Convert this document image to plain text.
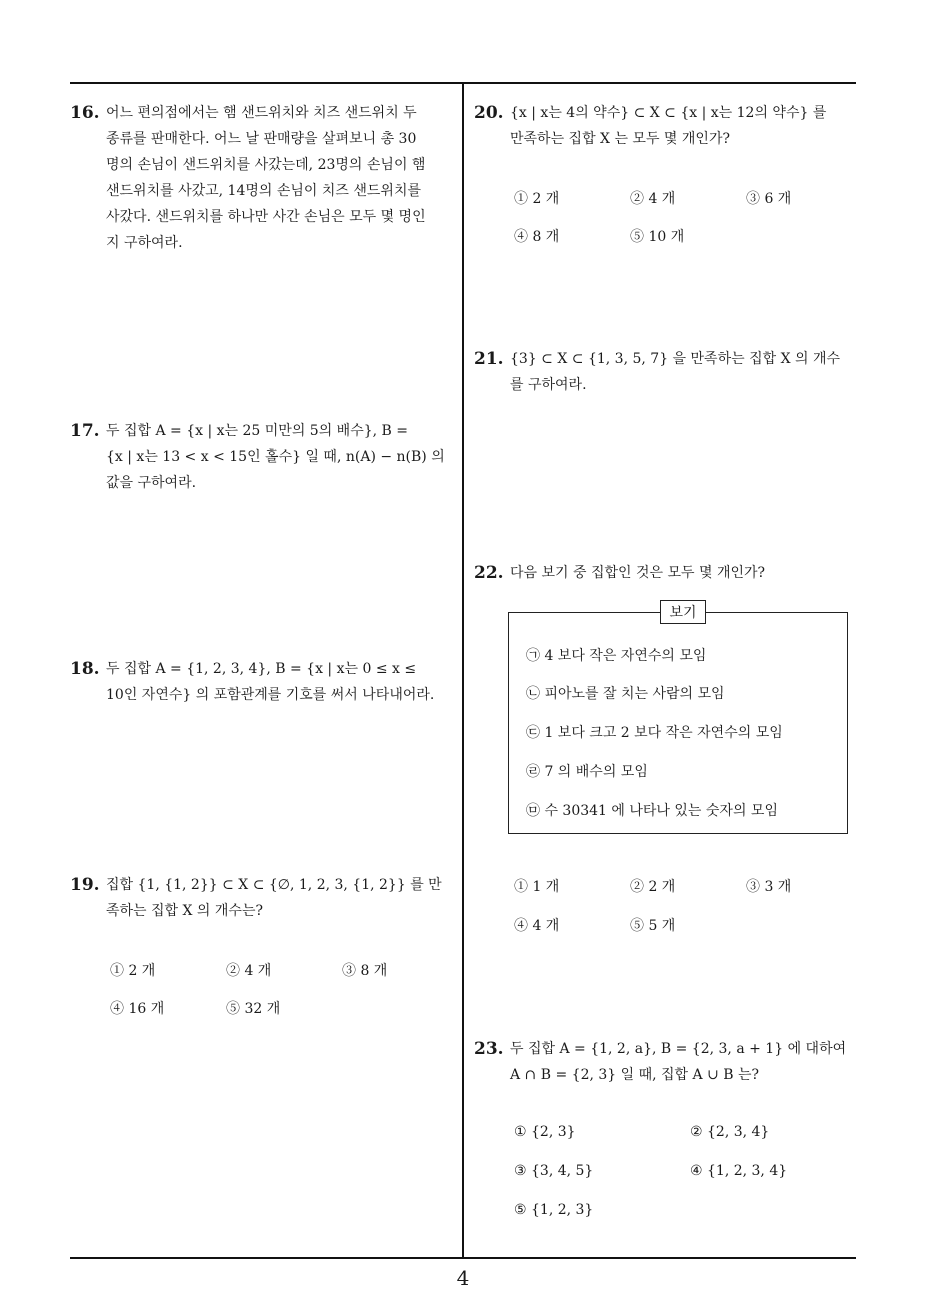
16. 어느 편의점에서는 햄 샌드위치와 치즈 샌드위치 두

종류를 판매한다. 어느 날 판매량을 살펴보니 총 30

명의 손님이 샌드위치를 사갔는데, 23명의 손님이 햄

샌드위치를 사갔고, 14명의 손님이 치즈 샌드위치를

사갔다. 샌드위치를 하나만 사간 손님은 모두 몇 명인

지 구하여라.

17. 두 집합 A = {x | x는 25 미만의 5의 배수}, B =

{x | x는 13 < x < 15인 홀수} 일 때, n(A) − n(B) 의

값을 구하여라.

18. 두 집합 A = {1, 2, 3, 4}, B = {x | x는 0 ≤ x ≤

10인 자연수} 의 포함관계를 기호를 써서 나타내어라.

19. 집합 {1, {1, 2}} ⊂ X ⊂ {∅, 1, 2, 3, {1, 2}} 를 만

족하는 집합 X 의 개수는?

① 2 개	② 4 개	③ 8 개
④ 16 개	⑤ 32 개
20. {x | x는 4의 약수} ⊂ X ⊂ {x | x는 12의 약수} 를

만족하는 집합 X 는 모두 몇 개인가?

① 2 개	② 4 개	③ 6 개
④ 8 개	⑤ 10 개
21. {3} ⊂ X ⊂ {1, 3, 5, 7} 을 만족하는 집합 X 의 개수

를 구하여라.

22. 다음 보기 중 집합인 것은 모두 몇 개인가?

보기
㉠ 4 보다 작은 자연수의 모임
㉡ 피아노를 잘 치는 사람의 모임
㉢ 1 보다 크고 2 보다 작은 자연수의 모임
㉣ 7 의 배수의 모임
㉤ 수 30341 에 나타나 있는 숫자의 모임
① 1 개	② 2 개	③ 3 개
④ 4 개	⑤ 5 개
23. 두 집합 A = {1, 2, a}, B = {2, 3, a + 1} 에 대하여

A ∩ B = {2, 3} 일 때, 집합 A ∪ B 는?

① {2, 3}	② {2, 3, 4}
③ {3, 4, 5}	④ {1, 2, 3, 4}
⑤ {1, 2, 3}
4
